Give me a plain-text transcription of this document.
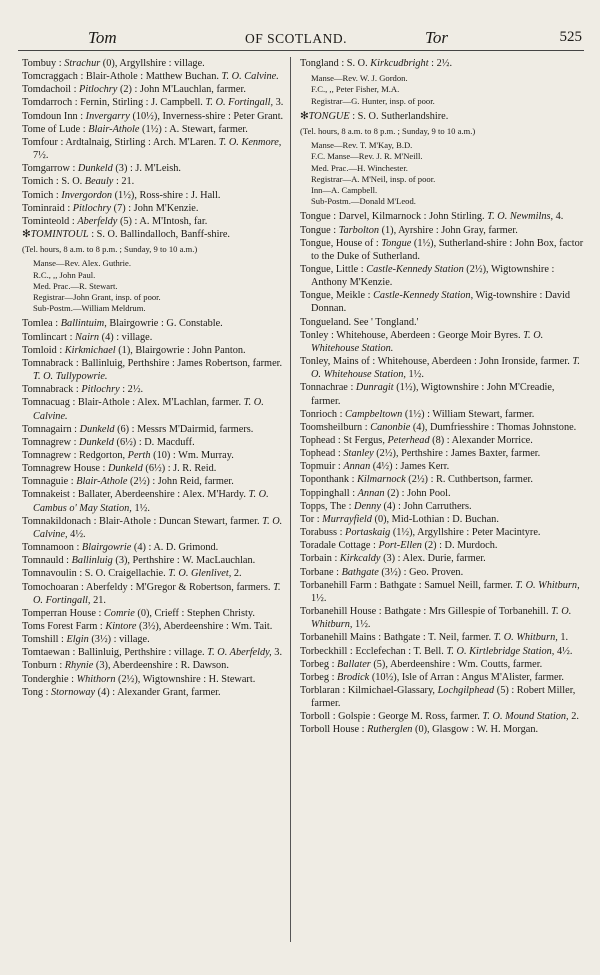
Tom	OF SCOTLAND.	Tor	525

Tombuy : Strachur (0), Argyllshire : village.

Tomcraggach : Blair-Athole : Matthew Buchan. T. O. Calvine.

Tomdachoil : Pitlochry (2) : John M'Lauchlan, farmer.

Tomdarroch : Fernin, Stirling : J. Campbell. T. O. Fortingall, 3.

Tomdoun Inn : Invergarry (10½), Inverness-shire : Peter Grant.

Tome of Lude : Blair-Athole (1½) : A. Stewart, farmer.

Tomfour : Ardtalnaig, Stirling : Arch. M'Laren. T. O. Kenmore, 7½.

Tomgarrow : Dunkeld (3) : J. M'Leish.

Tomich : S. O. Beauly : 21.

Tomich : Invergordon (1½), Ross-shire : J. Hall.

Tominraid : Pitlochry (7) : John M'Kenzie.

Tominteold : Aberfeldy (5) : A. M'Intosh, far.

✻TOMINTOUL : S. O. Ballindalloch, Banff-shire.

(Tel. hours, 8 a.m. to 8 p.m. ; Sunday, 9 to 10 a.m.)
Manse—Rev. Alex. Guthrie.
R.C., ,, John Paul.
Med. Prac.—R. Stewart.
Registrar—John Grant, insp. of poor.
Sub-Postm.—William Meldrum.

Tomlea : Ballintuim, Blairgowrie : G. Constable.

Tomlincart : Nairn (4) : village.

Tomloid : Kirkmichael (1), Blairgowrie : John Panton.

Tomnabrack : Ballinluig, Perthshire : James Robertson, farmer. T. O. Tullypowrie.

Tomnabrack : Pitlochry : 2½.

Tomnacuag : Blair-Athole : Alex. M'Lachlan, farmer. T. O. Calvine.

Tomnagairn : Dunkeld (6) : Messrs M'Dairmid, farmers.

Tomnagrew : Dunkeld (6½) : D. Macduff.

Tomnagrew : Redgorton, Perth (10) : Wm. Murray.

Tomnagrew House : Dunkeld (6½) : J. R. Reid.

Tomnaguie : Blair-Athole (2½) : John Reid, farmer.

Tomnakeist : Ballater, Aberdeenshire : Alex. M'Hardy. T. O. Cambus o' May Station, 1½.

Tomnakildonach : Blair-Athole : Duncan Stewart, farmer. T. O. Calvine, 4½.

Tomnamoon : Blairgowrie (4) : A. D. Grimond.

Tomnauld : Ballinluig (3), Perthshire : W. MacLauchlan.

Tomnavoulin : S. O. Craigellachie. T. O. Glenlivet, 2.

Tomochoaran : Aberfeldy : M'Gregor & Robertson, farmers. T. O. Fortingall, 21.

Tomperran House : Comrie (0), Crieff : Stephen Christy.

Toms Forest Farm : Kintore (3½), Aberdeenshire : Wm. Tait.

Tomshill : Elgin (3½) : village.

Tomtaewan : Ballinluig, Perthshire : village. T. O. Aberfeldy, 3.

Tonburn : Rhynie (3), Aberdeenshire : R. Dawson.

Tonderghie : Whithorn (2½), Wigtownshire : H. Stewart.

Tong : Stornoway (4) : Alexander Grant, farmer.

Tongland : S. O. Kirkcudbright : 2½.

Manse—Rev. W. J. Gordon.
F.C., ,, Peter Fisher, M.A.
Registrar—G. Hunter, insp. of poor.

✻TONGUE : S. O. Sutherlandshire.

(Tel. hours, 8 a.m. to 8 p.m. ; Sunday, 9 to 10 a.m.)
Manse—Rev. T. M'Kay, B.D.
F.C. Manse—Rev. J. R. M'Neill.
Med. Prac.—H. Winchester.
Registrar—A. M'Neil, insp. of poor.
Inn—A. Campbell.
Sub-Postm.—Donald M'Leod.

Tongue : Darvel, Kilmarnock : John Stirling. T. O. Newmilns, 4.

Tongue : Tarbolton (1), Ayrshire : John Gray, farmer.

Tongue, House of : Tongue (1½), Sutherland-shire : John Box, factor to the Duke of Sutherland.

Tongue, Little : Castle-Kennedy Station (2½), Wigtownshire : Anthony M'Kenzie.

Tongue, Meikle : Castle-Kennedy Station, Wig-townshire : David Donnan.

Tongueland. See ' Tongland.'

Tonley : Whitehouse, Aberdeen : George Moir Byres. T. O. Whitehouse Station.

Tonley, Mains of : Whitehouse, Aberdeen : John Ironside, farmer. T. O. Whitehouse Station, 1½.

Tonnachrae : Dunragit (1½), Wigtownshire : John M'Creadie, farmer.

Tonrioch : Campbeltown (1½) : William Stewart, farmer.

Toomsheilburn : Canonbie (4), Dumfriesshire : Thomas Johnstone.

Tophead : St Fergus, Peterhead (8) : Alexander Morrice.

Tophead : Stanley (2½), Perthshire : James Baxter, farmer.

Topmuir : Annan (4½) : James Kerr.

Toponthank : Kilmarnock (2½) : R. Cuthbertson, farmer.

Toppinghall : Annan (2) : John Pool.

Topps, The : Denny (4) : John Carruthers.

Tor : Murrayfield (0), Mid-Lothian : D. Buchan.

Torabuss : Portaskaig (1½), Argyllshire : Peter Macintyre.

Toradale Cottage : Port-Ellen (2) : D. Murdoch.

Torbain : Kirkcaldy (3) : Alex. Durie, farmer.

Torbane : Bathgate (3½) : Geo. Proven.

Torbanehill Farm : Bathgate : Samuel Neill, farmer. T. O. Whitburn, 1½.

Torbanehill House : Bathgate : Mrs Gillespie of Torbanehill. T. O. Whitburn, 1½.

Torbanehill Mains : Bathgate : T. Neil, farmer. T. O. Whitburn, 1.

Torbeckhill : Ecclefechan : T. Bell. T. O. Kirtlebridge Station, 4½.

Torbeg : Ballater (5), Aberdeenshire : Wm. Coutts, farmer.

Torbeg : Brodick (10½), Isle of Arran : Angus M'Alister, farmer.

Torblaran : Kilmichael-Glassary, Lochgilphead (5) : Robert Miller, farmer.

Torboll : Golspie : George M. Ross, farmer. T. O. Mound Station, 2.

Torboll House : Rutherglen (0), Glasgow : W. H. Morgan.
